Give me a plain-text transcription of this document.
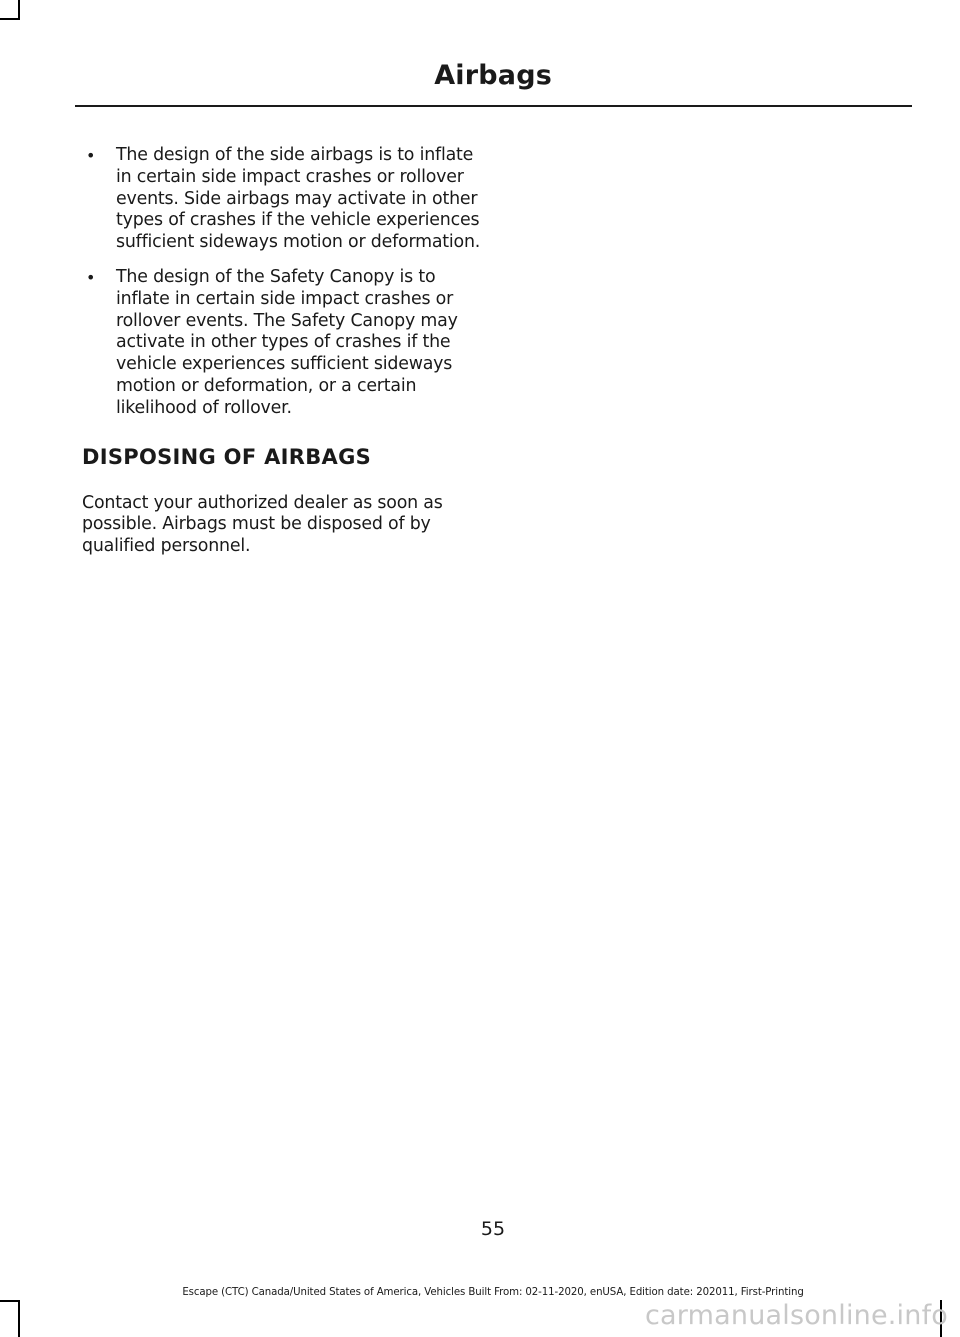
Airbags
• The design of the side airbags is to inflate in certain side impact crashes or rollover events. Side airbags may activate in other types of crashes if the vehicle experiences sufficient sideways motion or deformation.
• The design of the Safety Canopy is to inflate in certain side impact crashes or rollover events. The Safety Canopy may activate in other types of crashes if the vehicle experiences sufficient sideways motion or deformation, or a certain likelihood of rollover.
DISPOSING OF AIRBAGS

Contact your authorized dealer as soon as possible. Airbags must be disposed of by qualified personnel.

55
Escape (CTC) Canada/United States of America, Vehicles Built From: 02-11-2020, enUSA, Edition date: 202011, First-Printing
carmanualsonline.info
